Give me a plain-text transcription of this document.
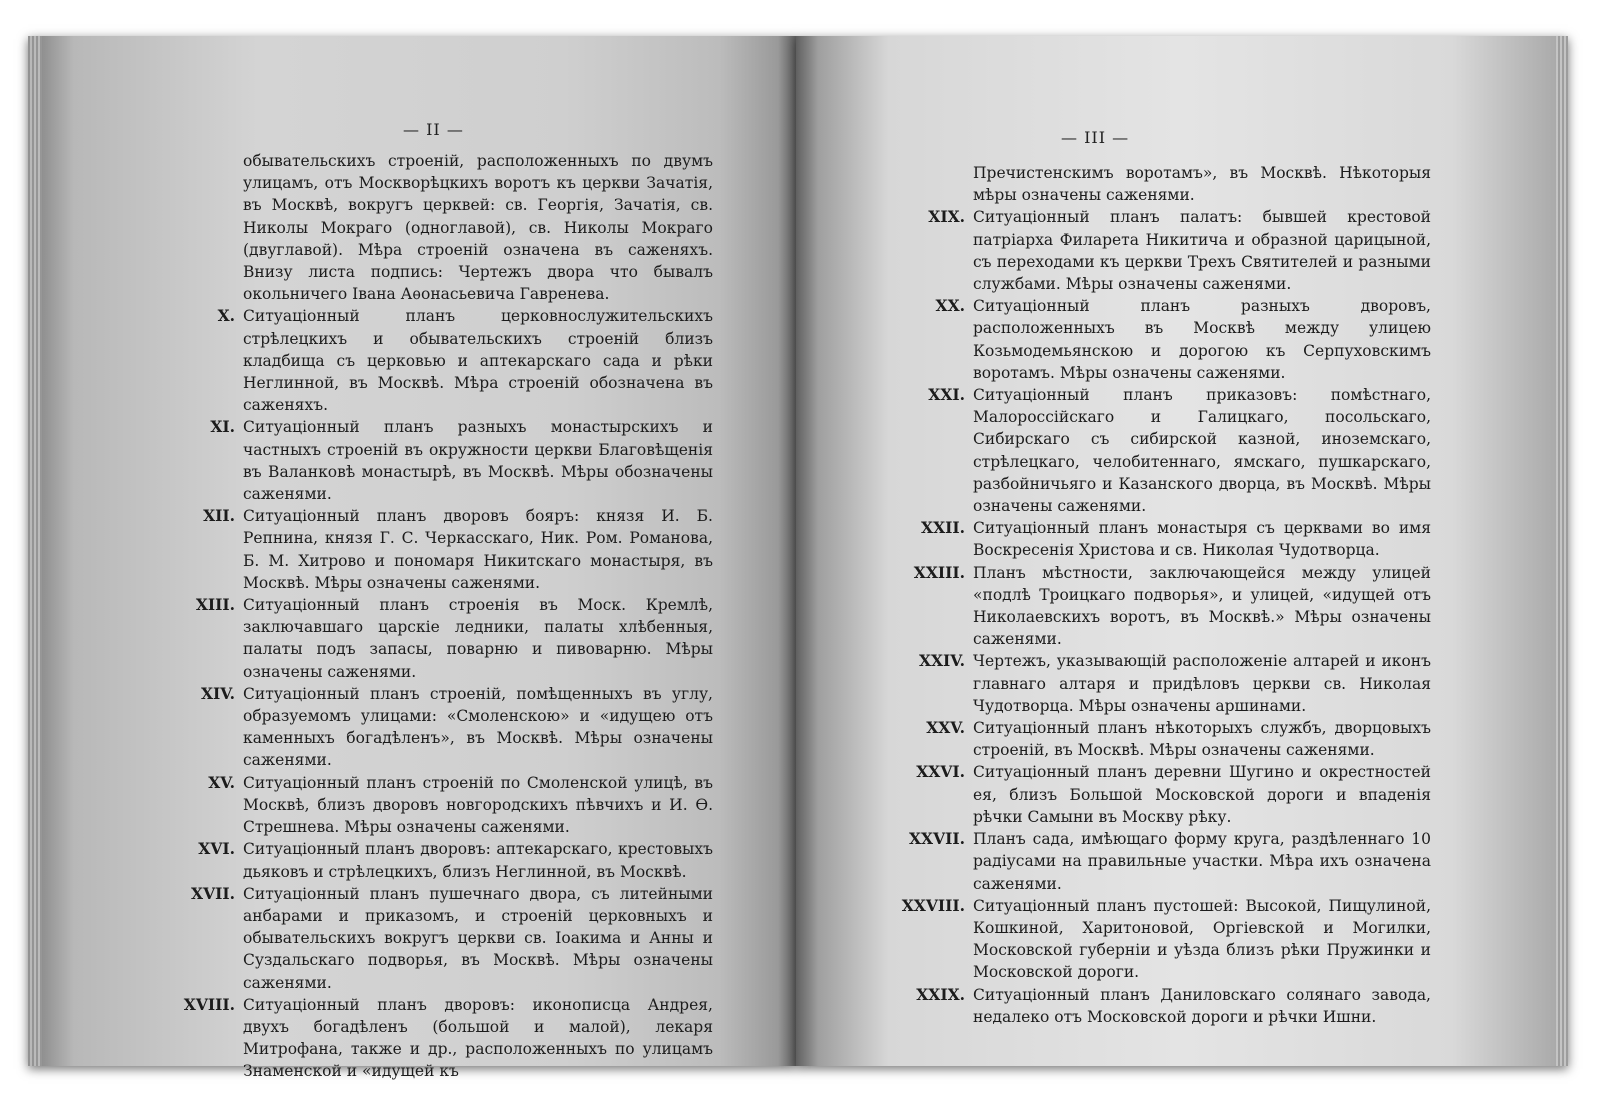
— II —
обывательскихъ строеній, расположенныхъ по двумъ улицамъ, отъ Москворѣцкихъ воротъ къ церкви Зачатія, въ Москвѣ, вокругъ церквей: св. Георгія, Зачатія, св. Николы Мокраго (одноглавой), св. Николы Мокраго (двуглавой). Мѣра строеній означена въ саженяхъ. Внизу листа подпись: Чертежъ двора что бывалъ окольничего Івана Аѳонасьевича Гавренева.
X. Ситуаціонный планъ церковнослужительскихъ стрѣлецкихъ и обывательскихъ строеній близъ кладбища съ церковью и аптекарскаго сада и рѣки Неглинной, въ Москвѣ. Мѣра строеній обозначена въ саженяхъ.
XI. Ситуаціонный планъ разныхъ монастырскихъ и частныхъ строеній въ окружности церкви Благовѣщенія въ Валанковѣ монастырѣ, въ Москвѣ. Мѣры обозначены саженями.
XII. Ситуаціонный планъ дворовъ бояръ: князя И. Б. Репнина, князя Г. С. Черкасскаго, Ник. Ром. Романова, Б. М. Хитрово и пономаря Никитскаго монастыря, въ Москвѣ. Мѣры означены саженями.
XIII. Ситуаціонный планъ строенія въ Моск. Кремлѣ, заключавшаго царскіе ледники, палаты хлѣбенныя, палаты подъ запасы, поварню и пивоварню. Мѣры означены саженями.
XIV. Ситуаціонный планъ строеній, помѣщенныхъ въ углу, образуемомъ улицами: «Смоленскою» и «идущею отъ каменныхъ богадѣленъ», въ Москвѣ. Мѣры означены саженями.
XV. Ситуаціонный планъ строеній по Смоленской улицѣ, въ Москвѣ, близъ дворовъ новгородскихъ пѣвчихъ и И. Ѳ. Стрешнева. Мѣры означены саженями.
XVI. Ситуаціонный планъ дворовъ: аптекарскаго, крестовыхъ дьяковъ и стрѣлецкихъ, близъ Неглинной, въ Москвѣ.
XVII. Ситуаціонный планъ пушечнаго двора, съ литейными анбарами и приказомъ, и строеній церковныхъ и обывательскихъ вокругъ церкви св. Іоакима и Анны и Суздальскаго подворья, въ Москвѣ. Мѣры означены саженями.
XVIII. Ситуаціонный планъ дворовъ: иконописца Андрея, двухъ богадѣленъ (большой и малой), лекаря Митрофана, также и др., расположенныхъ по улицамъ Знаменской и «идущей къ
— III —
Пречистенскимъ воротамъ», въ Москвѣ. Нѣкоторыя мѣры означены саженями.
XIX. Ситуаціонный планъ палатъ: бывшей крестовой патріарха Филарета Никитича и образной царицыной, съ переходами къ церкви Трехъ Святителей и разными службами. Мѣры означены саженями.
XX. Ситуаціонный планъ разныхъ дворовъ, расположенныхъ въ Москвѣ между улицею Козьмодемьянскою и дорогою къ Серпуховскимъ воротамъ. Мѣры означены саженями.
XXI. Ситуаціонный планъ приказовъ: помѣстнаго, Малороссійскаго и Галицкаго, посольскаго, Сибирскаго съ сибирской казной, иноземскаго, стрѣлецкаго, челобитеннаго, ямскаго, пушкарскаго, разбойничьяго и Казанского дворца, въ Москвѣ. Мѣры означены саженями.
XXII. Ситуаціонный планъ монастыря съ церквами во имя Воскресенія Христова и св. Николая Чудотворца.
XXIII. Планъ мѣстности, заключающейся между улицей «подлѣ Троицкаго подворья», и улицей, «идущей отъ Николаевскихъ воротъ, въ Москвѣ.» Мѣры означены саженями.
XXIV. Чертежъ, указывающій расположеніе алтарей и иконъ главнаго алтаря и придѣловъ церкви св. Николая Чудотворца. Мѣры означены аршинами.
XXV. Ситуаціонный планъ нѣкоторыхъ службъ, дворцовыхъ строеній, въ Москвѣ. Мѣры означены саженями.
XXVI. Ситуаціонный планъ деревни Шугино и окрестностей ея, близъ Большой Московской дороги и впаденія рѣчки Самыни въ Москву рѣку.
XXVII. Планъ сада, имѣющаго форму круга, раздѣленнаго 10 радіусами на правильные участки. Мѣра ихъ означена саженями.
XXVIII. Ситуаціонный планъ пустошей: Высокой, Пищулиной, Кошкиной, Харитоновой, Оргіевской и Могилки, Московской губерніи и уѣзда близъ рѣки Пружинки и Московской дороги.
XXIX. Ситуаціонный планъ Даниловскаго солянаго завода, недалеко отъ Московской дороги и рѣчки Ишни.
